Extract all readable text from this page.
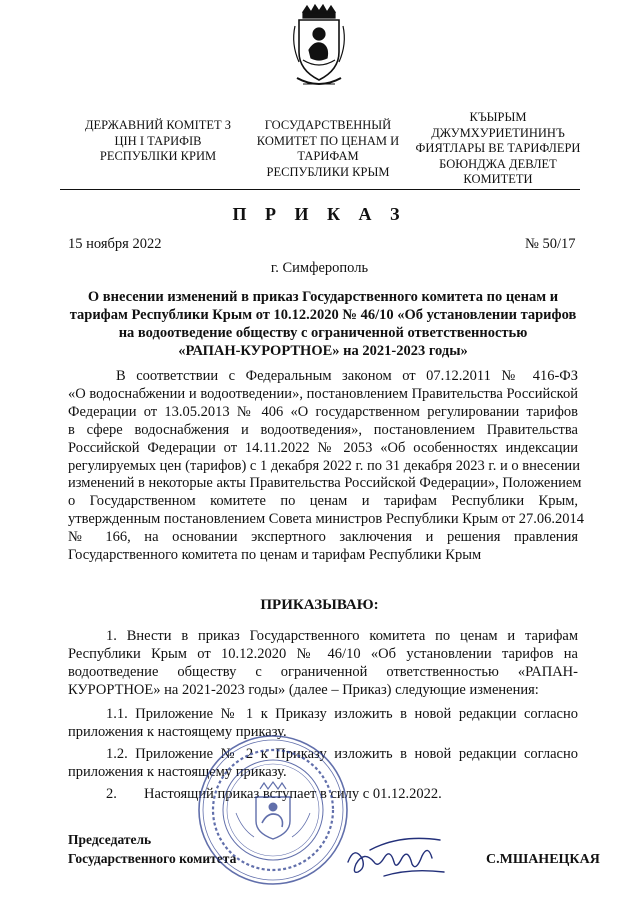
ДЕРЖАВНИЙ КОМІТЕТ З
ЦІН І ТАРИФІВ
РЕСПУБЛІКИ КРИМ
ГОСУДАРСТВЕННЫЙ
КОМИТЕТ ПО ЦЕНАМ И
ТАРИФАМ
РЕСПУБЛИКИ КРЫМ
КЪЫРЫМ
ДЖУМХУРИЕТИНИНЪ
ФИЯТЛАРЫ ВЕ ТАРИФЛЕРИ
БОЮНДЖА ДЕВЛЕТ
КОМИТЕТИ
П Р И К А З
15 ноября 2022	№ 50/17
г. Симферополь
О внесении изменений в приказ Государственного комитета по ценам и
тарифам Республики Крым от 10.12.2020 № 46/10 «Об установлении тарифов
на водоотведение обществу с ограниченной ответственностью
«РАПАН-КУРОРТНОЕ» на 2021-2023 годы»
В соответствии с Федеральным законом от 07.12.2011 № 416-ФЗ
«О водоснабжении и водоотведении», постановлением Правительства Российской
Федерации от 13.05.2013 № 406 «О государственном регулировании тарифов
в сфере водоснабжения и водоотведения», постановлением Правительства
Российской Федерации от 14.11.2022 № 2053 «Об особенностях индексации
регулируемых цен (тарифов) с 1 декабря 2022 г. по 31 декабря 2023 г. и о внесении
изменений в некоторые акты Правительства Российской Федерации», Положением
о Государственном комитете по ценам и тарифам Республики Крым,
утвержденным постановлением Совета министров Республики Крым от 27.06.2014
№ 166, на основании экспертного заключения и решения правления
Государственного комитета по ценам и тарифам Республики Крым
ПРИКАЗЫВАЮ:
1. Внести в приказ Государственного комитета по ценам и тарифам
Республики Крым от 10.12.2020 № 46/10 «Об установлении тарифов на
водоотведение обществу с ограниченной ответственностью «РАПАН-
КУРОРТНОЕ» на 2021-2023 годы» (далее – Приказ) следующие изменения:
1.1. Приложение № 1 к Приказу изложить в новой редакции согласно
приложения к настоящему приказу.
1.2. Приложение № 2 к Приказу изложить в новой редакции согласно
приложения к настоящему приказу.
2. Настоящий приказ вступает в силу с 01.12.2022.
Председатель
Государственного комитета	С.МШАНЕЦКАЯ
